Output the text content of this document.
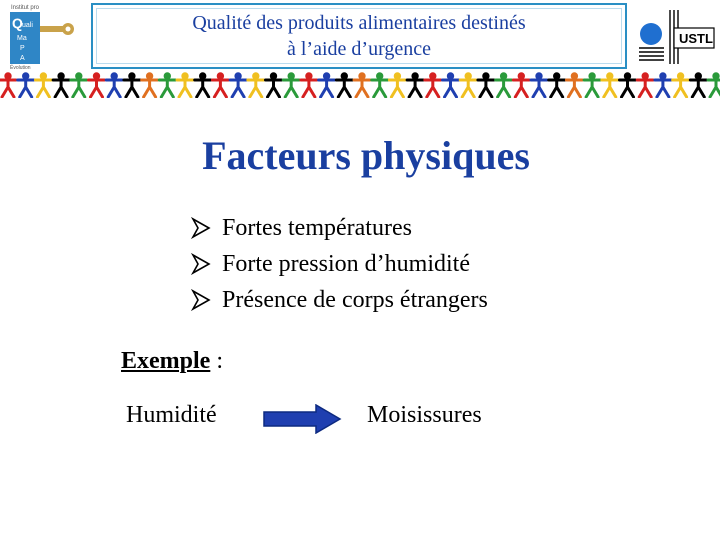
Institut pro
Q uali
Ma
P
A
Évolution
Qualité des produits alimentaires destinés
à l’aide d’urgence	USTL
Facteurs physiques
Fortes températures
Forte pression d’humidité
Présence de corps étrangers
Exemple :
Humidité	Moisissures
